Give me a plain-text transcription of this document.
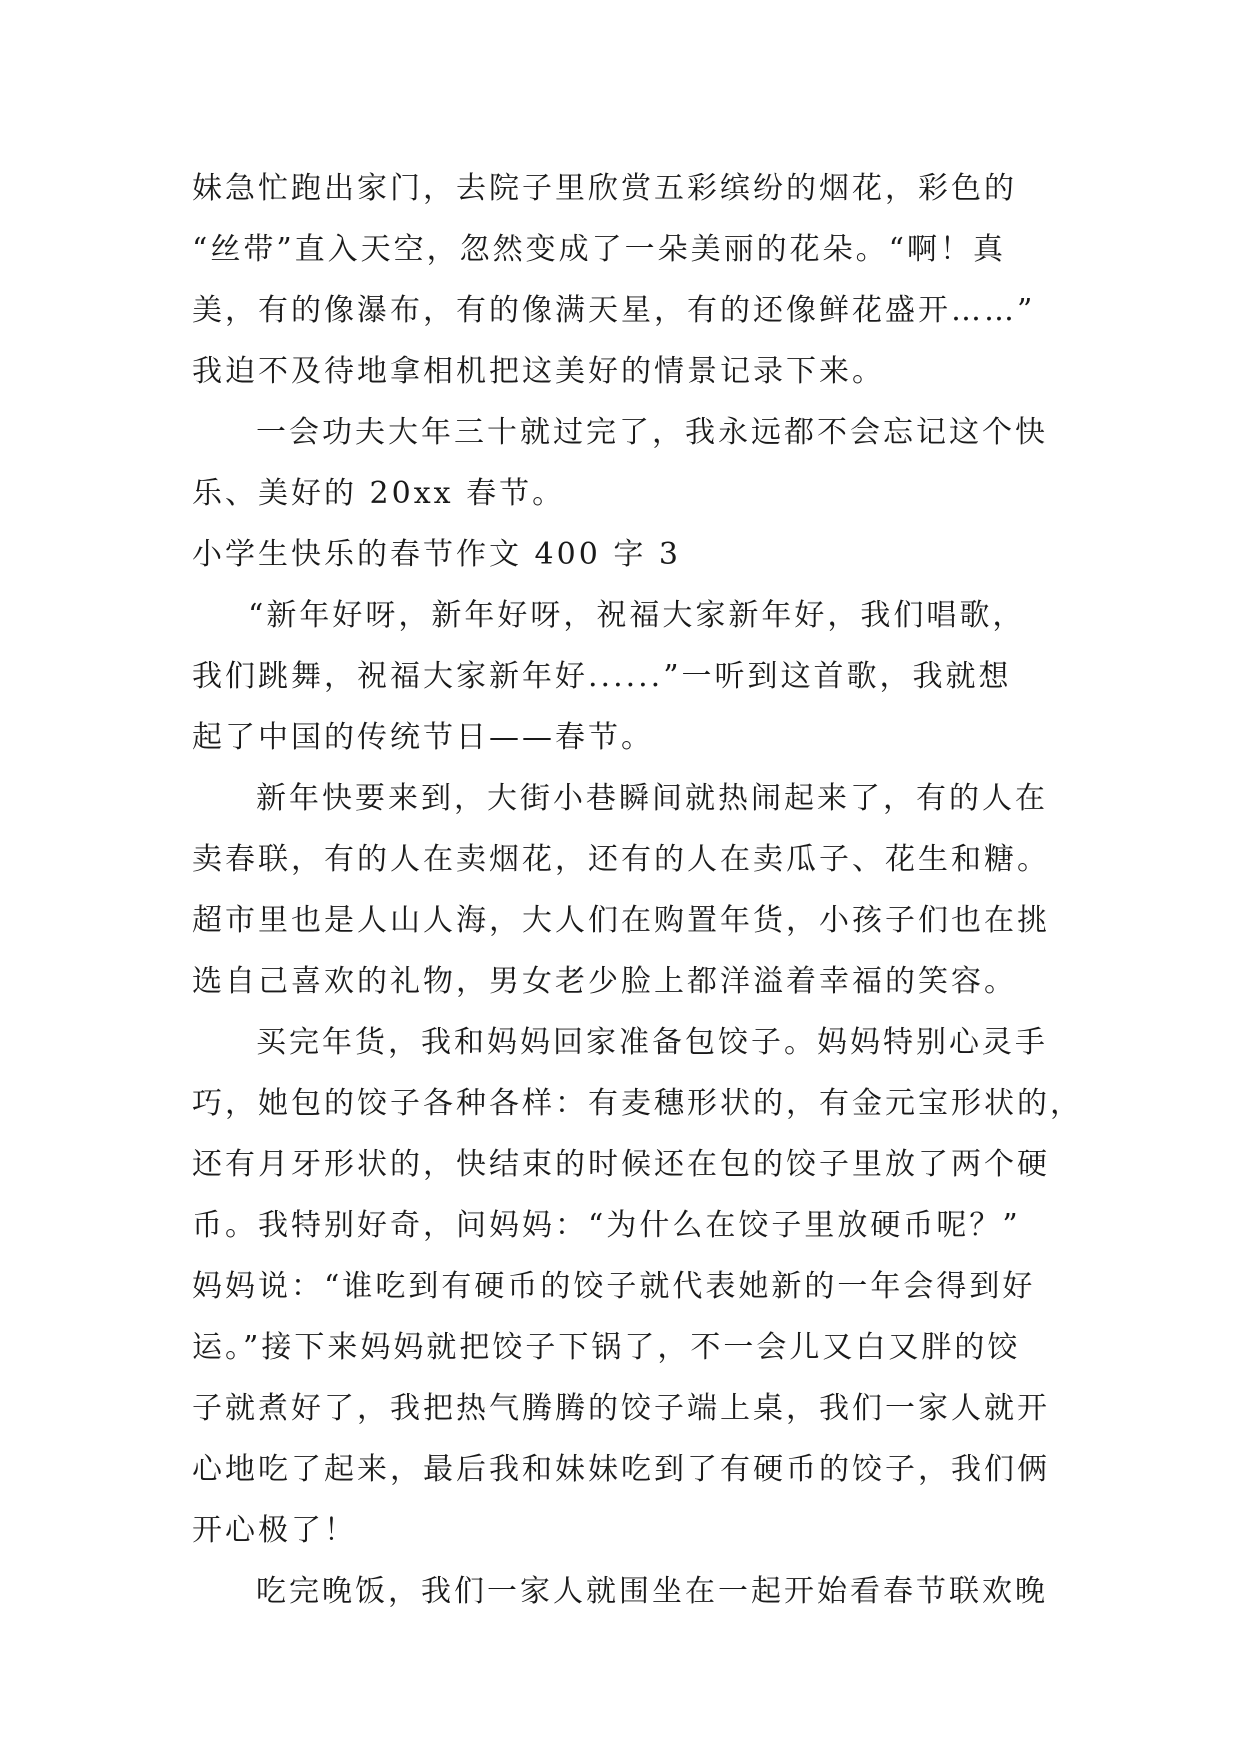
妹急忙跑出家门，去院子里欣赏五彩缤纷的烟花，彩色的
“丝带”直入天空，忽然变成了一朵美丽的花朵。“啊！真
美，有的像瀑布，有的像满天星，有的还像鲜花盛开……”
我迫不及待地拿相机把这美好的情景记录下来。
一会功夫大年三十就过完了，我永远都不会忘记这个快
乐、美好的 20xx 春节。
小学生快乐的春节作文 400 字 3
“新年好呀，新年好呀，祝福大家新年好，我们唱歌，
我们跳舞，祝福大家新年好......”一听到这首歌，我就想
起了中国的传统节日——春节。
新年快要来到，大街小巷瞬间就热闹起来了，有的人在
卖春联，有的人在卖烟花，还有的人在卖瓜子、花生和糖。
超市里也是人山人海，大人们在购置年货，小孩子们也在挑
选自己喜欢的礼物，男女老少脸上都洋溢着幸福的笑容。
买完年货，我和妈妈回家准备包饺子。妈妈特别心灵手
巧，她包的饺子各种各样：有麦穗形状的，有金元宝形状的，
还有月牙形状的，快结束的时候还在包的饺子里放了两个硬
币。我特别好奇，问妈妈：“为什么在饺子里放硬币呢？”
妈妈说：“谁吃到有硬币的饺子就代表她新的一年会得到好
运。”接下来妈妈就把饺子下锅了，不一会儿又白又胖的饺
子就煮好了，我把热气腾腾的饺子端上桌，我们一家人就开
心地吃了起来，最后我和妹妹吃到了有硬币的饺子，我们俩
开心极了！
吃完晚饭，我们一家人就围坐在一起开始看春节联欢晚
